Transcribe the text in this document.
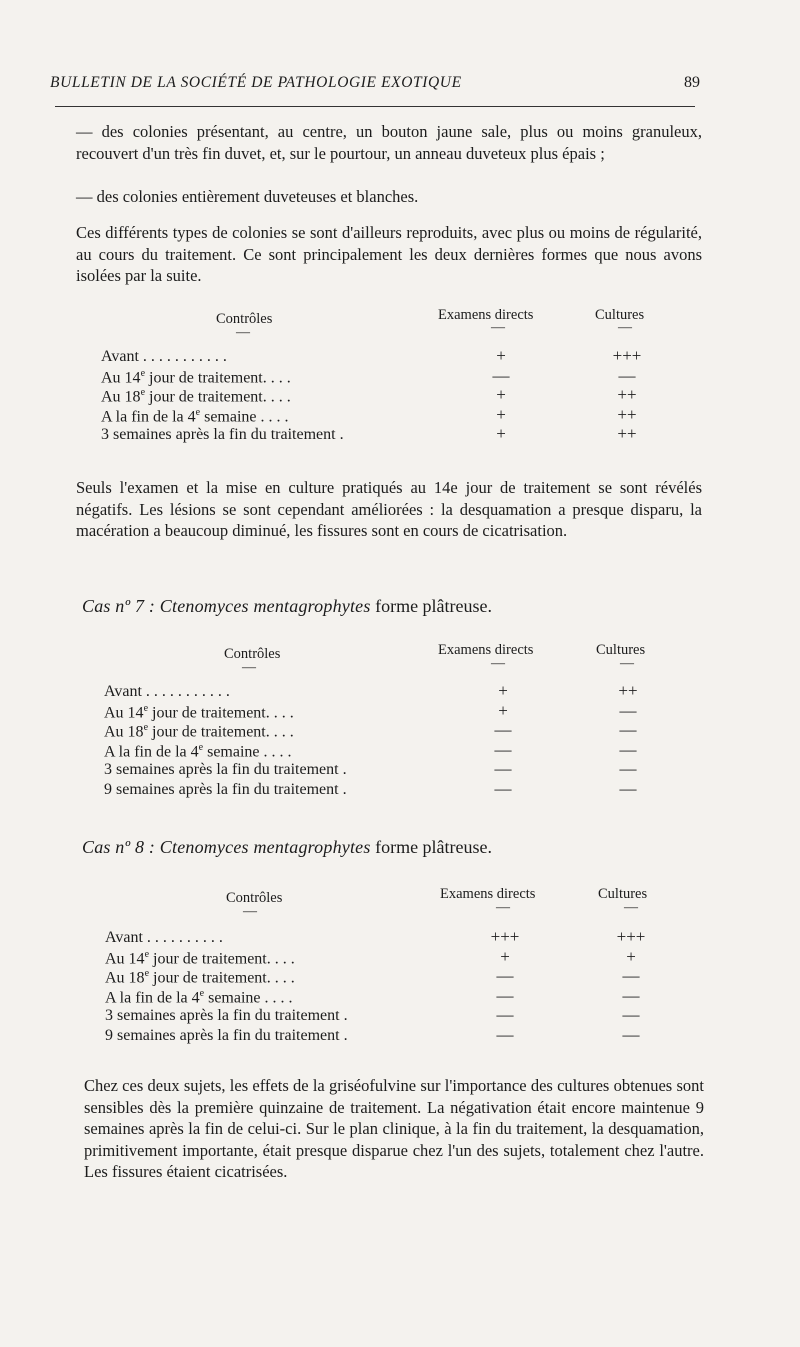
BULLETIN DE LA SOCIÉTÉ DE PATHOLOGIE EXOTIQUE	89

— des colonies présentant, au centre, un bouton jaune sale, plus ou moins granuleux, recouvert d'un très fin duvet, et, sur le pourtour, un anneau duveteux plus épais ;

— des colonies entièrement duveteuses et blanches.

Ces différents types de colonies se sont d'ailleurs reproduits, avec plus ou moins de régularité, au cours du traitement. Ce sont principalement les deux dernières formes que nous avons isolées par la suite.

Contrôles	Examens directs	Cultures
—	—	—
Avant . . . . . . . . . . .	+	+++
Au 14e jour de traitement. . . .	—	—
Au 18e jour de traitement. . . .	+	++
A la fin de la 4e semaine . . . .	+	++
3 semaines après la fin du traitement .	+	++

Seuls l'examen et la mise en culture pratiqués au 14e jour de traitement se sont révélés négatifs. Les lésions se sont cependant améliorées : la desquamation a presque disparu, la macération a beaucoup diminué, les fissures sont en cours de cicatrisation.

Cas nº 7 : Ctenomyces mentagrophytes forme plâtreuse.
Contrôles	Examens directs	Cultures
—	—	—
Avant . . . . . . . . . . .	+	++
Au 14e jour de traitement. . . .	+	—
Au 18e jour de traitement. . . .	—	—
A la fin de la 4e semaine . . . .	—	—
3 semaines après la fin du traitement .	—	—
9 semaines après la fin du traitement .	—	—
Cas nº 8 : Ctenomyces mentagrophytes forme plâtreuse.
Contrôles	Examens directs	Cultures
—	—	—
Avant . . . . . . . . . .	+++	+++
Au 14e jour de traitement. . . .	+	+
Au 18e jour de traitement. . . .	—	—
A la fin de la 4e semaine . . . .	—	—
3 semaines après la fin du traitement .	—	—
9 semaines après la fin du traitement .	—	—

Chez ces deux sujets, les effets de la griséofulvine sur l'importance des cultures obtenues sont sensibles dès la première quinzaine de traitement. La négativation était encore maintenue 9 semaines après la fin de celui-ci. Sur le plan clinique, à la fin du traitement, la desquamation, primitivement importante, était presque disparue chez l'un des sujets, totalement chez l'autre. Les fissures étaient cicatrisées.
